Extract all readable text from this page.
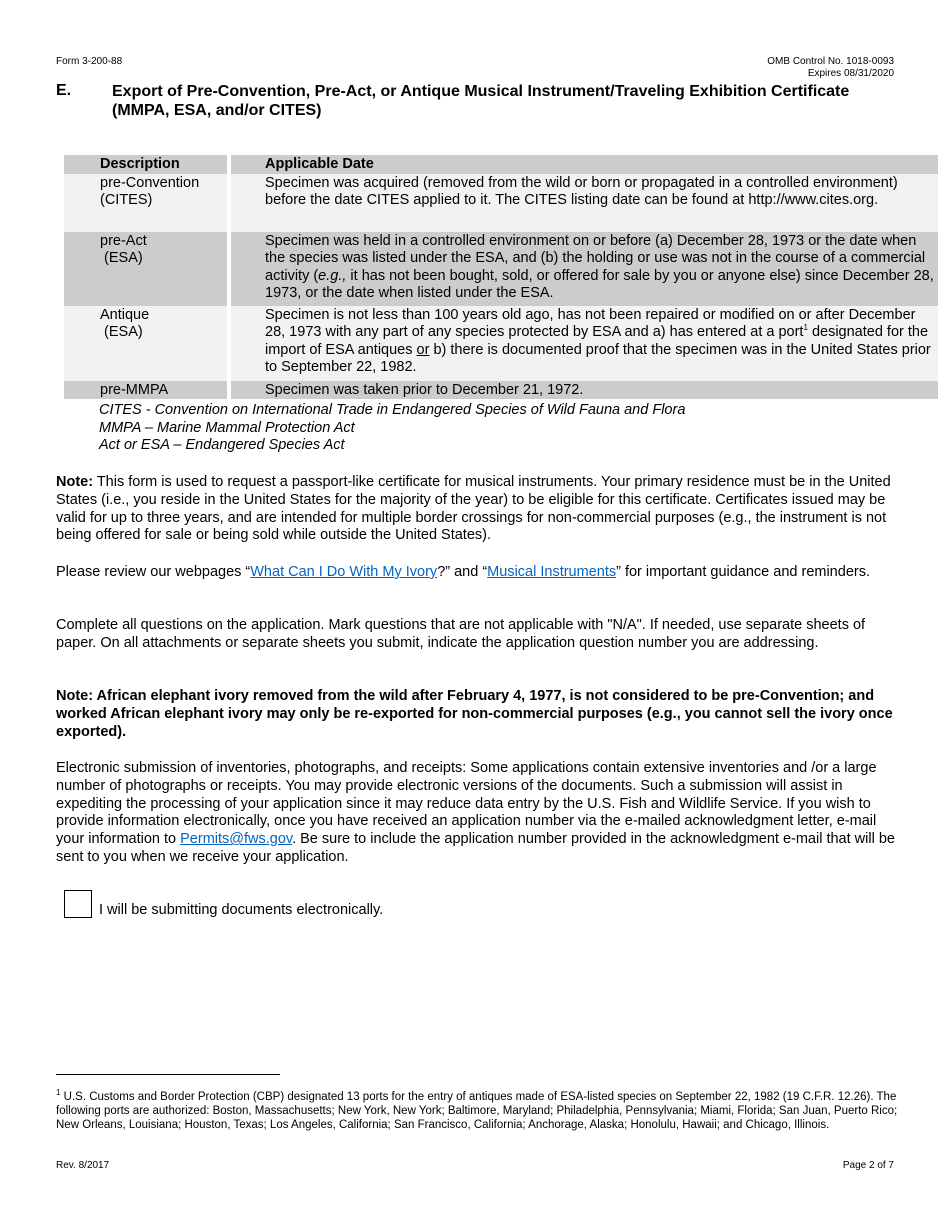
Form 3-200-88	OMB Control No. 1018-0093
Expires 08/31/2020
E.	Export of Pre-Convention, Pre-Act, or Antique Musical Instrument/Traveling Exhibition Certificate (MMPA, ESA, and/or CITES)
Description		Applicable Date

pre-Convention
(CITES)		Specimen was acquired (removed from the wild or born or propagated in a controlled environment) before the date CITES applied to it. The CITES listing date can be found at http://www.cites.org.

pre-Act
(ESA)		Specimen was held in a controlled environment on or before (a) December 28, 1973 or the date when the species was listed under the ESA, and (b) the holding or use was not in the course of a commercial activity (e.g., it has not been bought, sold, or offered for sale by you or anyone else) since December 28, 1973, or the date when listed under the ESA.

Antique
(ESA)		Specimen is not less than 100 years old ago, has not been repaired or modified on or after December 28, 1973 with any part of any species protected by ESA and a) has entered at a port$^1$ designated for the import of ESA antiques or b) there is documented proof that the specimen was in the United States prior to September 22, 1982.
pre-MMPA		Specimen was taken prior to December 21, 1972.
CITES - Convention on International Trade in Endangered Species of Wild Fauna and Flora
MMPA – Marine Mammal Protection Act
Act or ESA – Endangered Species Act
Note: This form is used to request a passport-like certificate for musical instruments. Your primary residence must be in the United States (i.e., you reside in the United States for the majority of the year) to be eligible for this certificate. Certificates issued may be valid for up to three years, and are intended for multiple border crossings for non-commercial purposes (e.g., the instrument is not being offered for sale or being sold while outside the United States).
Please review our webpages “What Can I Do With My Ivory?” and “Musical Instruments” for important guidance and reminders.
Complete all questions on the application. Mark questions that are not applicable with "N/A". If needed, use separate sheets of paper. On all attachments or separate sheets you submit, indicate the application question number you are addressing.
Note: African elephant ivory removed from the wild after February 4, 1977, is not considered to be pre-Convention; and worked African elephant ivory may only be re-exported for non-commercial purposes (e.g., you cannot sell the ivory once exported).
Electronic submission of inventories, photographs, and receipts: Some applications contain extensive inventories and /or a large number of photographs or receipts. You may provide electronic versions of the documents. Such a submission will assist in expediting the processing of your application since it may reduce data entry by the U.S. Fish and Wildlife Service. If you wish to provide information electronically, once you have received an application number via the e-mailed acknowledgment letter, e-mail your information to Permits@fws.gov. Be sure to include the application number provided in the acknowledgment e-mail that will be sent to you when we receive your application.
I will be submitting documents electronically.
$^1$ U.S. Customs and Border Protection (CBP) designated 13 ports for the entry of antiques made of ESA-listed species on September 22, 1982 (19 C.F.R. 12.26). The following ports are authorized: Boston, Massachusetts; New York, New York; Baltimore, Maryland; Philadelphia, Pennsylvania; Miami, Florida; San Juan, Puerto Rico; New Orleans, Louisiana; Houston, Texas; Los Angeles, California; San Francisco, California; Anchorage, Alaska; Honolulu, Hawaii; and Chicago, Illinois.
Rev. 8/2017	Page 2 of 7
